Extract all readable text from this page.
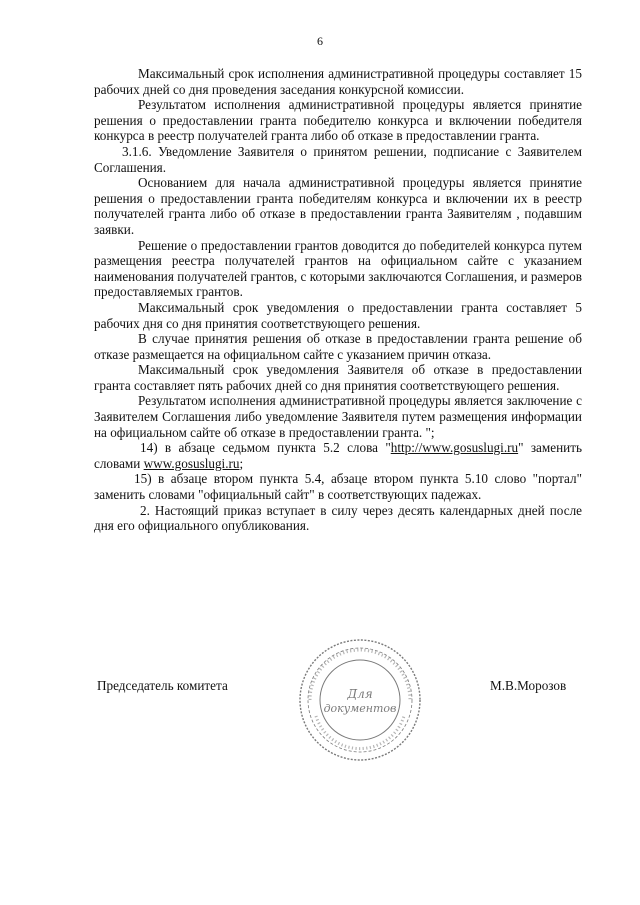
6

Максимальный срок исполнения административной процедуры составляет 15 рабочих дней со дня проведения заседания конкурсной комиссии.

Результатом исполнения административной процедуры является принятие решения о предоставлении гранта победителю конкурса и включении победителя конкурса в реестр получателей гранта либо об отказе в предоставлении гранта.

3.1.6. Уведомление Заявителя о принятом решении, подписание с Заявителем Соглашения.

Основанием для начала административной процедуры является принятие решения о предоставлении гранта победителям конкурса и включении их в реестр получателей гранта либо об отказе в предоставлении гранта Заявителям , подавшим заявки.

Решение о предоставлении грантов доводится до победителей конкурса путем размещения реестра получателей грантов на официальном сайте с указанием наименования получателей грантов, с которыми заключаются Соглашения, и размеров предоставляемых грантов.

Максимальный срок уведомления о предоставлении гранта составляет 5 рабочих дня со дня принятия соответствующего решения.

В случае принятия решения об отказе в предоставлении гранта решение об отказе размещается на официальном сайте с указанием причин отказа.

Максимальный срок уведомления Заявителя об отказе в предоставлении гранта составляет пять рабочих дней со дня принятия соответствующего решения.

Результатом исполнения административной процедуры является заключение с Заявителем Соглашения либо уведомление Заявителя путем размещения информации на официальном сайте об отказе в предоставлении гранта. ";

14) в абзаце седьмом пункта 5.2 слова "http://www.gosuslugi.ru" заменить словами www.gosuslugi.ru;

15) в абзаце втором пункта 5.4, абзаце втором пункта 5.10 слово "портал" заменить словами "официальный сайт" в соответствующих падежах.

2. Настоящий приказ вступает в силу через десять календарных дней после дня его официального опубликования.

Председатель комитета	М.В.Морозов
Для
документов
